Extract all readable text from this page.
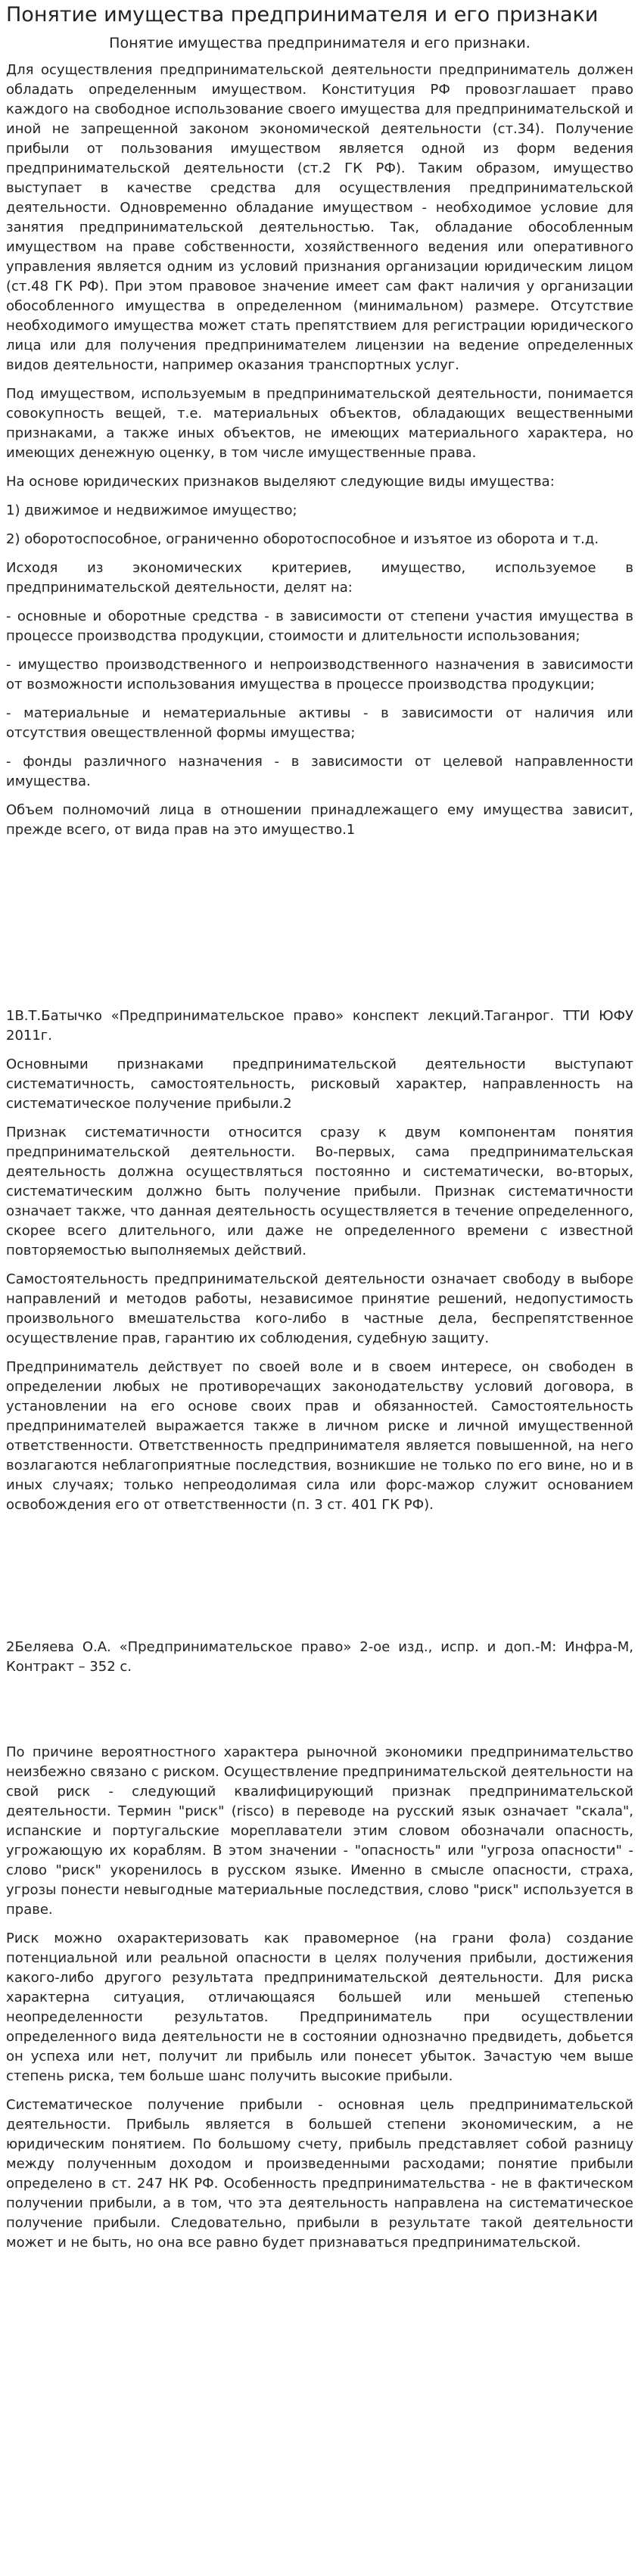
Понятие имущества предпринимателя и его признаки
Понятие имущества предпринимателя и его признаки.

Для осуществления предпринимательской деятельности предприниматель должен обладать определенным имуществом. Конституция РФ провозглашает право каждого на свободное использование своего имущества для предпринимательской и иной не запрещенной законом экономической деятельности (ст.34). Получение прибыли от пользования имуществом является одной из форм ведения предпринимательской деятельности (ст.2 ГК РФ). Таким образом, имущество выступает в качестве средства для осуществления предпринимательской деятельности. Одновременно обладание имуществом - необходимое условие для занятия предпринимательской деятельностью. Так, обладание обособленным имуществом на праве собственности, хозяйственного ведения или оперативного управления является одним из условий признания организации юридическим лицом (ст.48 ГК РФ). При этом правовое значение имеет сам факт наличия у организации обособленного имущества в определенном (минимальном) размере. Отсутствие необходимого имущества может стать препятствием для регистрации юридического лица или для получения предпринимателем лицензии на ведение определенных видов деятельности, например оказания транспортных услуг.

Под имуществом, используемым в предпринимательской деятельности, понимается совокупность вещей, т.е. материальных объектов, обладающих вещественными признаками, а также иных объектов, не имеющих материального характера, но имеющих денежную оценку, в том числе имущественные права.

На основе юридических признаков выделяют следующие виды имущества:

1) движимое и недвижимое имущество;

2) оборотоспособное, ограниченно оборотоспособное и изъятое из оборота и т.д.

Исходя из экономических критериев, имущество, используемое в предпринимательской деятельности, делят на:

- основные и оборотные средства - в зависимости от степени участия имущества в процессе производства продукции, стоимости и длительности использования;

- имущество производственного и непроизводственного назначения в зависимости от возможности использования имущества в процессе производства продукции;

- материальные и нематериальные активы - в зависимости от наличия или отсутствия овеществленной формы имущества;

- фонды различного назначения - в зависимости от целевой направленности имущества.

Объем полномочий лица в отношении принадлежащего ему имущества зависит, прежде всего, от вида прав на это имущество.1

1В.Т.Батычко «Предпринимательское право» конспект лекций.Таганрог. ТТИ ЮФУ 2011г.

Основными признаками предпринимательской деятельности выступают систематичность, самостоятельность, рисковый характер, направленность на систематическое получение прибыли.2

Признак систематичности относится сразу к двум компонентам понятия предпринимательской деятельности. Во-первых, сама предпринимательская деятельность должна осуществляться постоянно и систематически, во-вторых, систематическим должно быть получение прибыли. Признак систематичности означает также, что данная деятельность осуществляется в течение определенного, скорее всего длительного, или даже не определенного времени с известной повторяемостью выполняемых действий.

Самостоятельность предпринимательской деятельности означает свободу в выборе направлений и методов работы, независимое принятие решений, недопустимость произвольного вмешательства кого-либо в частные дела, беспрепятственное осуществление прав, гарантию их соблюдения, судебную защиту.

Предприниматель действует по своей воле и в своем интересе, он свободен в определении любых не противоречащих законодательству условий договора, в установлении на его основе своих прав и обязанностей. Самостоятельность предпринимателей выражается также в личном риске и личной имущественной ответственности. Ответственность предпринимателя является повышенной, на него возлагаются неблагоприятные последствия, возникшие не только по его вине, но и в иных случаях; только непреодолимая сила или форс-мажор служит основанием освобождения его от ответственности (п. 3 ст. 401 ГК РФ).

2Беляева О.А. «Предпринимательское право» 2-ое изд., испр. и доп.-М: Инфра-М, Контракт – 352 с.

По причине вероятностного характера рыночной экономики предпринимательство неизбежно связано с риском. Осуществление предпринимательской деятельности на свой риск - следующий квалифицирующий признак предпринимательской деятельности. Термин "риск" (risco) в переводе на русский язык означает "скала", испанские и португальские мореплаватели этим словом обозначали опасность, угрожающую их кораблям. В этом значении - "опасность" или "угроза опасности" - слово "риск" укоренилось в русском языке. Именно в смысле опасности, страха, угрозы понести невыгодные материальные последствия, слово "риск" используется в праве.

Риск можно охарактеризовать как правомерное (на грани фола) создание потенциальной или реальной опасности в целях получения прибыли, достижения какого-либо другого результата предпринимательской деятельности. Для риска характерна ситуация, отличающаяся большей или меньшей степенью неопределенности результатов. Предприниматель при осуществлении определенного вида деятельности не в состоянии однозначно предвидеть, добьется он успеха или нет, получит ли прибыль или понесет убыток. Зачастую чем выше степень риска, тем больше шанс получить высокие прибыли.

Систематическое получение прибыли - основная цель предпринимательской деятельности. Прибыль является в большей степени экономическим, а не юридическим понятием. По большому счету, прибыль представляет собой разницу между полученным доходом и произведенными расходами; понятие прибыли определено в ст. 247 НК РФ. Особенность предпринимательства - не в фактическом получении прибыли, а в том, что эта деятельность направлена на систематическое получение прибыли. Следовательно, прибыли в результате такой деятельности может и не быть, но она все равно будет признаваться предпринимательской.
